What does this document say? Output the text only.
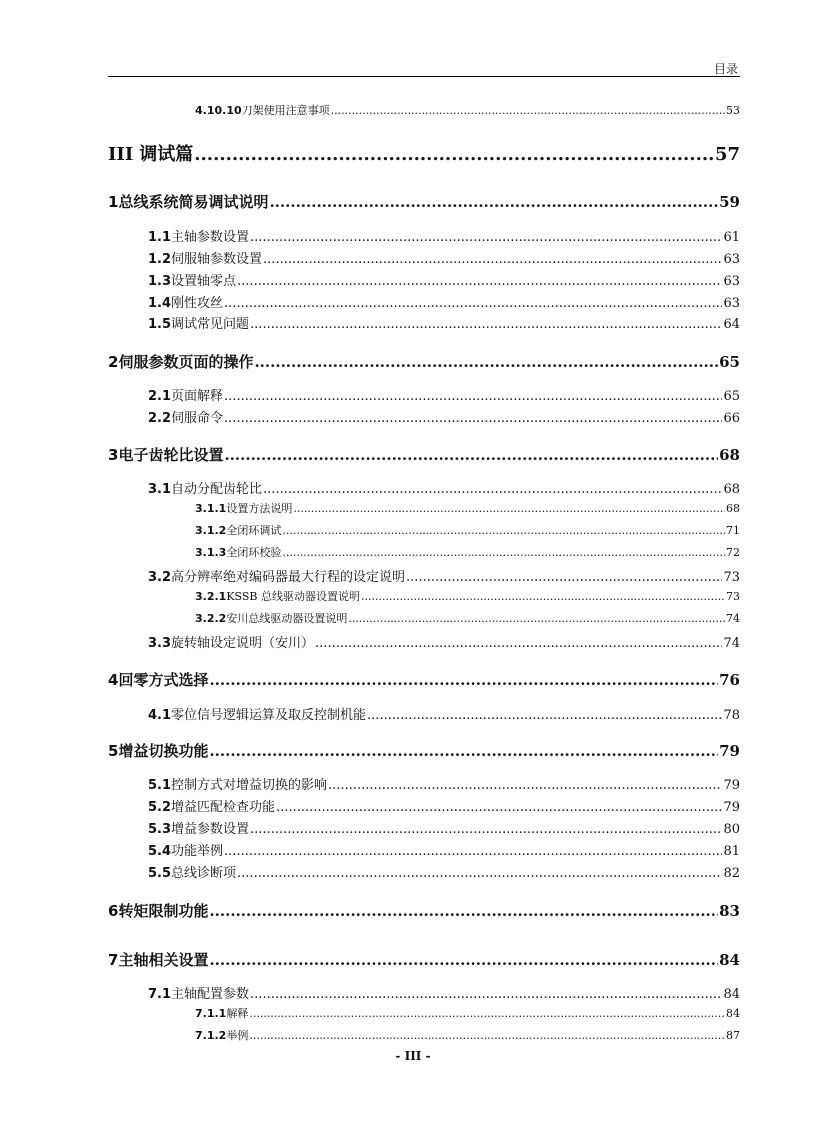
目录
4.10.10 刀架使用注意事项 .....	53
III 调试篇 .....	57
1 总线系统简易调试说明 .....	59
1.1 主轴参数设置 .....	61
1.2 伺服轴参数设置 .....	63
1.3 设置轴零点 .....	63
1.4 刚性攻丝 .....	63
1.5 调试常见问题 .....	64
2 伺服参数页面的操作 .....	65
2.1 页面解释 .....	65
2.2 伺服命令 .....	66
3 电子齿轮比设置 .....	68
3.1 自动分配齿轮比 .....	68
3.1.1 设置方法说明 .....	68
3.1.2 全闭环调试 .....	71
3.1.3 全闭环校验 .....	72
3.2 高分辨率绝对编码器最大行程的设定说明 .....	73
3.2.1 KSSB 总线驱动器设置说明 .....	73
3.2.2 安川总线驱动器设置说明 .....	74
3.3 旋转轴设定说明（安川） .....	74
4 回零方式选择 .....	76
4.1 零位信号逻辑运算及取反控制机能 .....	78
5 增益切换功能 .....	79
5.1 控制方式对增益切换的影响 .....	79
5.2 增益匹配检查功能 .....	79
5.3 增益参数设置 .....	80
5.4 功能举例 .....	81
5.5 总线诊断项 .....	82
6 转矩限制功能 .....	83
7 主轴相关设置 .....	84
7.1 主轴配置参数 .....	84
7.1.1 解释 .....	84
7.1.2 举例 .....	87
- III -
